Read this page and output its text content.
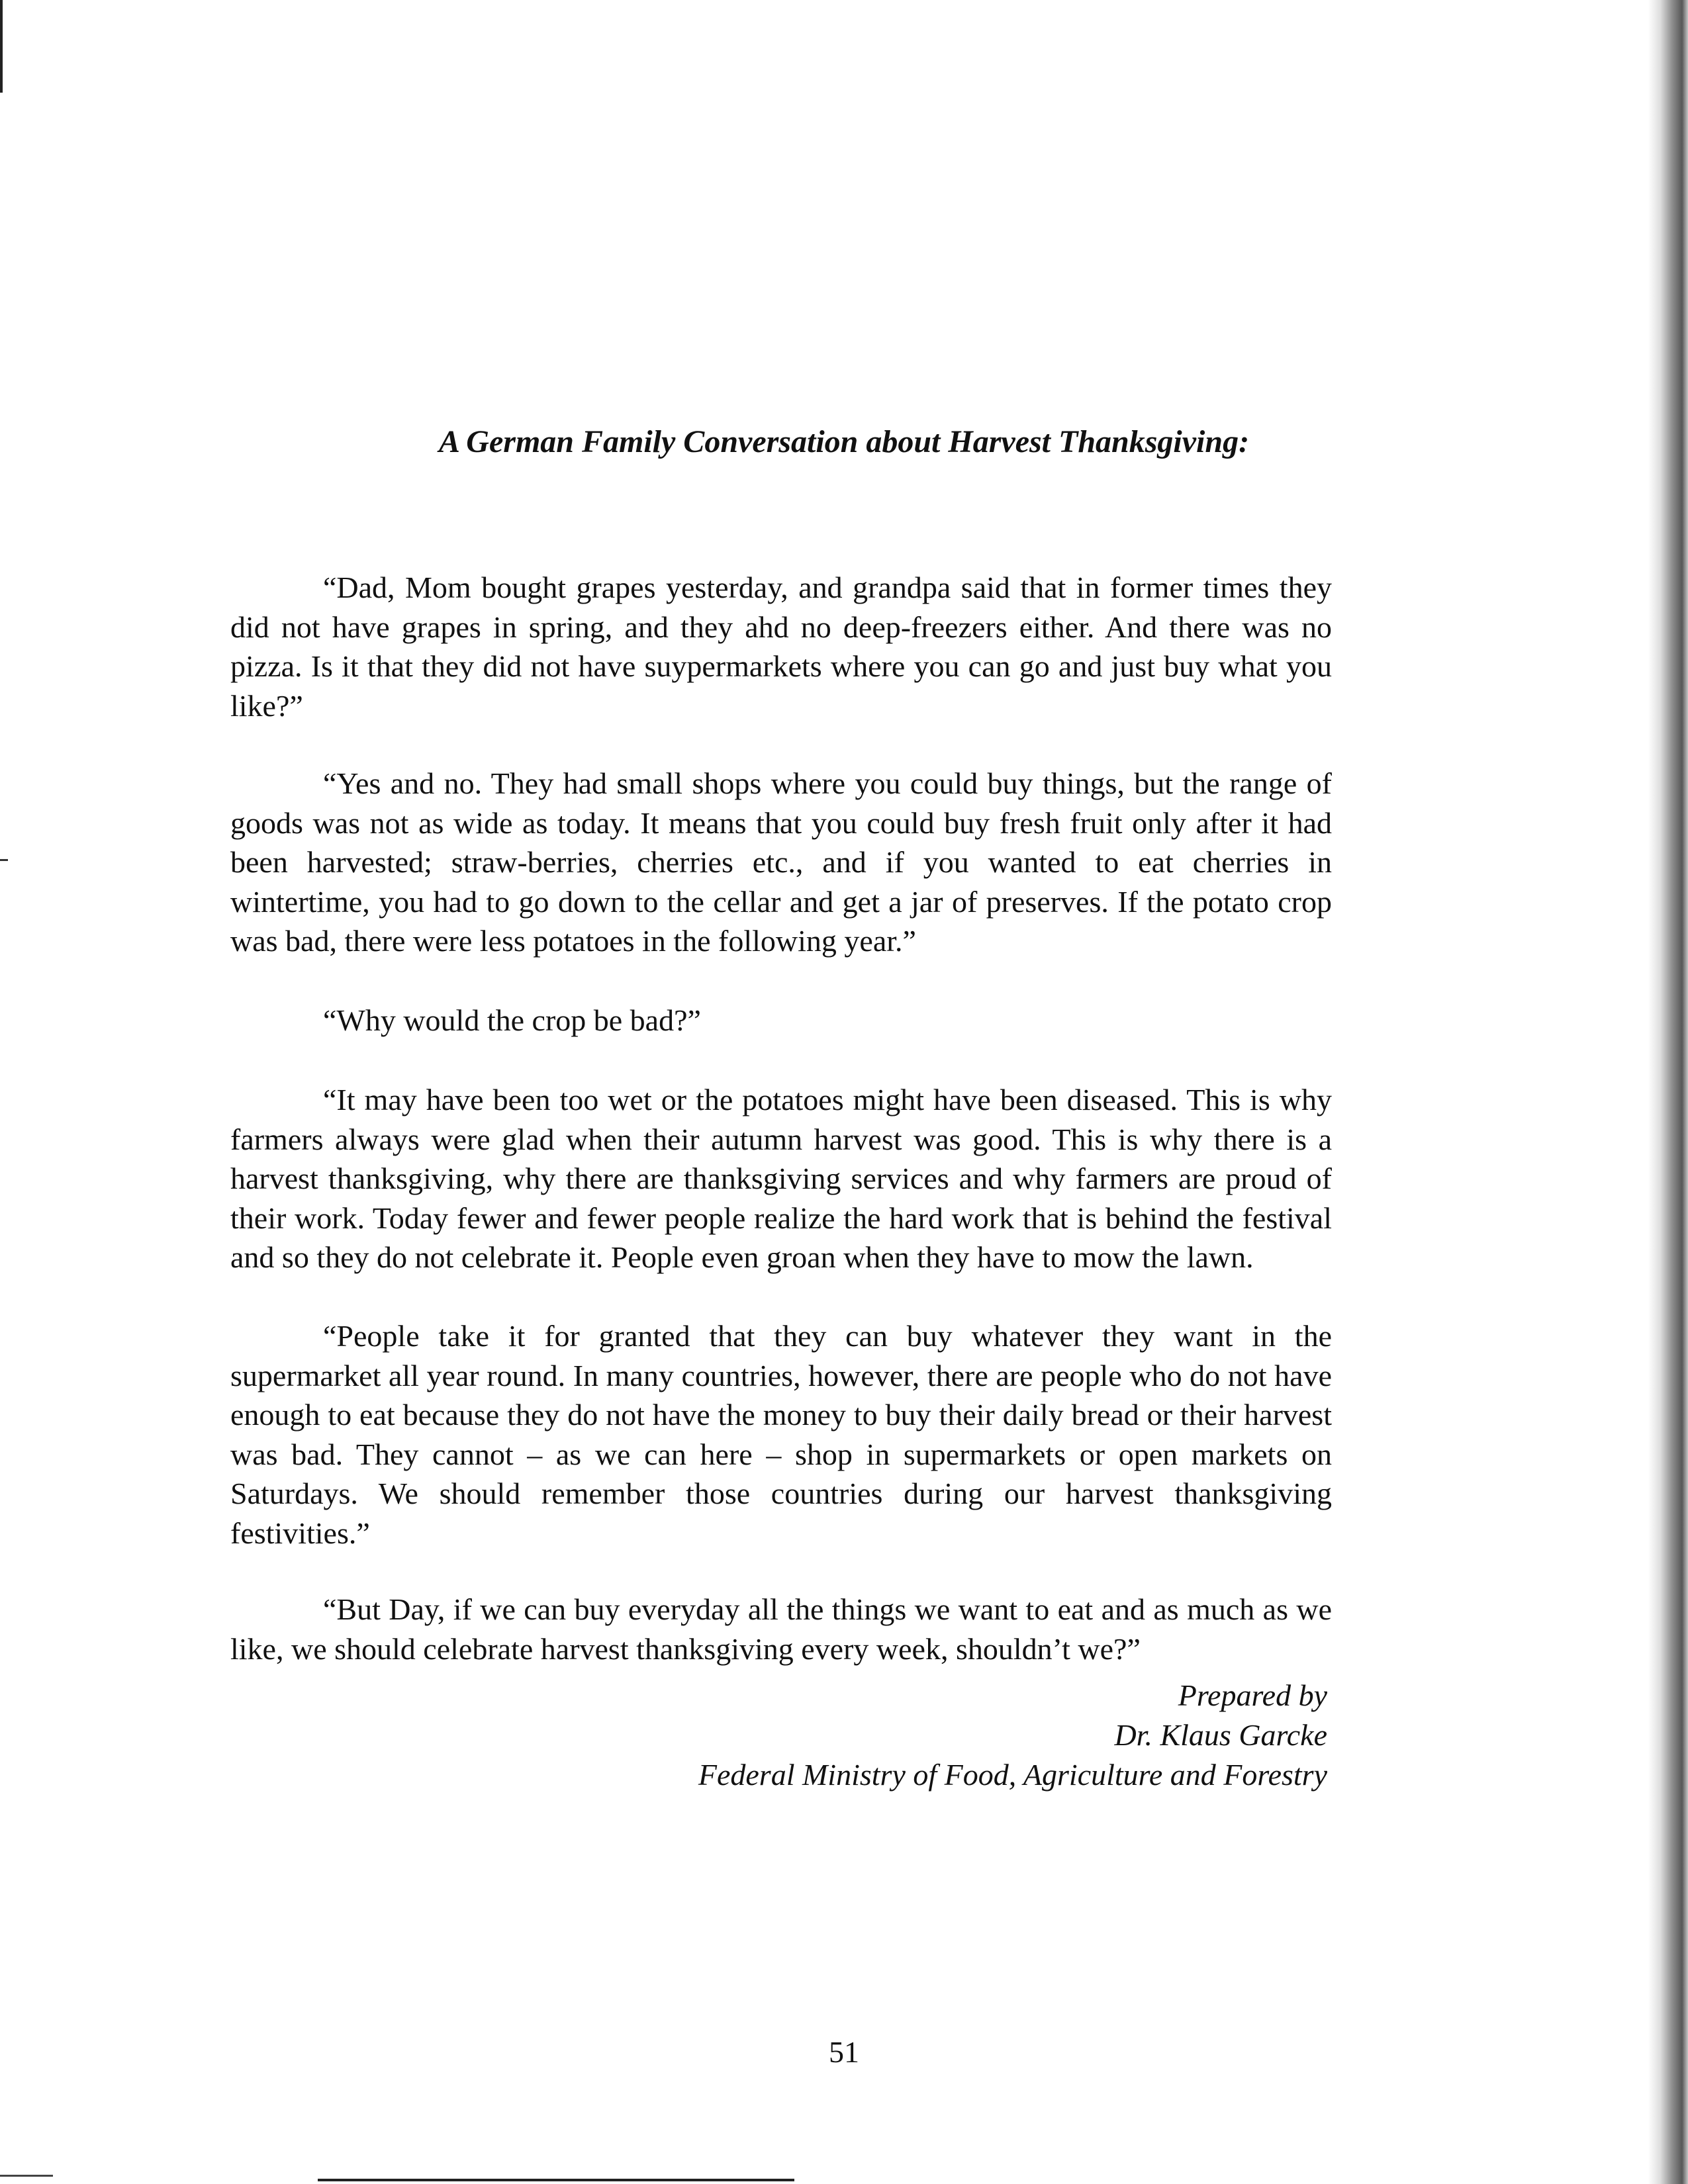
A German Family Conversation about Harvest Thanksgiving:

“Dad, Mom bought grapes yesterday, and grandpa said that in former times they did not have grapes in spring, and they ahd no deep-freezers either. And there was no pizza. Is it that they did not have suypermarkets where you can go and just buy what you like?”

“Yes and no. They had small shops where you could buy things, but the range of goods was not as wide as today. It means that you could buy fresh fruit only after it had been harvested; straw-berries, cherries etc., and if you wanted to eat cherries in wintertime, you had to go down to the cellar and get a jar of preserves. If the potato crop was bad, there were less potatoes in the following year.”

“Why would the crop be bad?”

“It may have been too wet or the potatoes might have been diseased. This is why farmers always were glad when their autumn harvest was good. This is why there is a harvest thanksgiving, why there are thanksgiving services and why farmers are proud of their work. Today fewer and fewer people realize the hard work that is behind the festival and so they do not celebrate it. People even groan when they have to mow the lawn.

“People take it for granted that they can buy whatever they want in the supermarket all year round. In many countries, however, there are people who do not have enough to eat because they do not have the money to buy their daily bread or their harvest was bad. They cannot – as we can here – shop in supermarkets or open markets on Saturdays. We should remember those countries during our harvest thanksgiving festivities.”

“But Day, if we can buy everyday all the things we want to eat and as much as we like, we should celebrate harvest thanksgiving every week, shouldn’t we?”

Prepared by
Dr. Klaus Garcke
Federal Ministry of Food, Agriculture and Forestry
51
